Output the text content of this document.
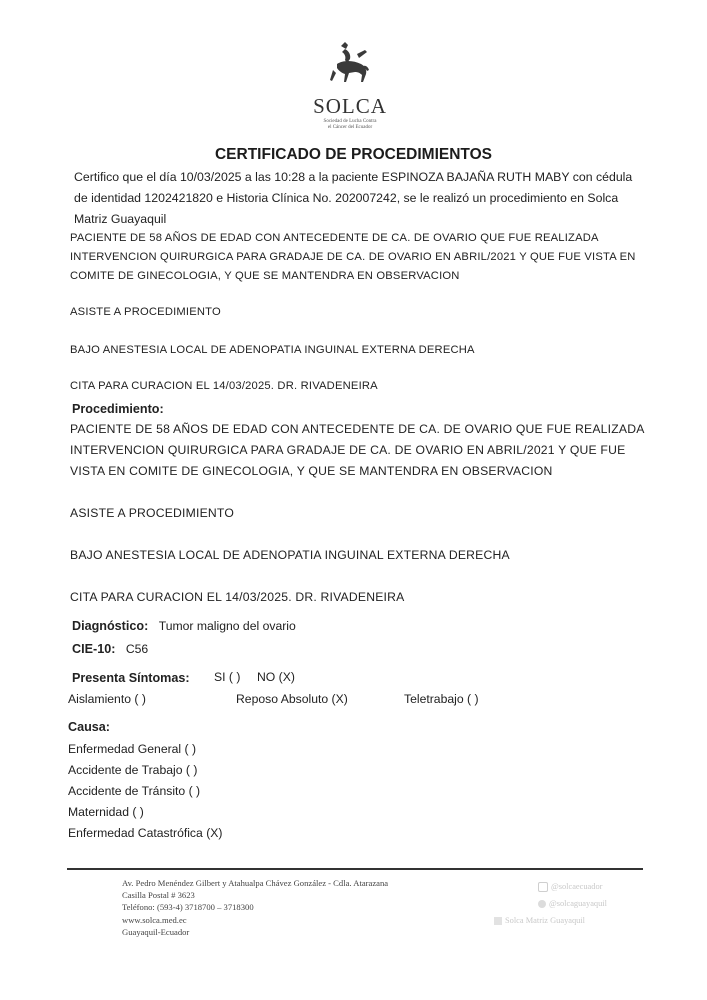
SOLCA
Sociedad de Lucha Contra
el Cáncer del Ecuador
CERTIFICADO DE PROCEDIMIENTOS
Certifico que el día 10/03/2025 a las 10:28 a la paciente ESPINOZA BAJAÑA RUTH MABY con cédula
de identidad 1202421820 e Historia Clínica No. 202007242, se le realizó un procedimiento en Solca
Matriz Guayaquil
PACIENTE DE 58 AÑOS DE EDAD CON ANTECEDENTE DE CA. DE OVARIO QUE FUE REALIZADA
INTERVENCION QUIRURGICA PARA GRADAJE DE CA. DE OVARIO EN ABRIL/2021 Y QUE FUE VISTA EN
COMITE DE GINECOLOGIA, Y QUE SE MANTENDRA EN OBSERVACION
ASISTE A PROCEDIMIENTO
BAJO ANESTESIA LOCAL DE ADENOPATIA INGUINAL EXTERNA DERECHA
CITA PARA CURACION EL 14/03/2025. DR. RIVADENEIRA
Procedimiento:
PACIENTE DE 58 AÑOS DE EDAD CON ANTECEDENTE DE CA. DE OVARIO QUE FUE REALIZADA
INTERVENCION QUIRURGICA PARA GRADAJE DE CA. DE OVARIO EN ABRIL/2021 Y QUE FUE
VISTA EN COMITE DE GINECOLOGIA, Y QUE SE MANTENDRA EN OBSERVACION
ASISTE A PROCEDIMIENTO
BAJO ANESTESIA LOCAL DE ADENOPATIA INGUINAL EXTERNA DERECHA
CITA PARA CURACION EL 14/03/2025. DR. RIVADENEIRA
Diagnóstico: Tumor maligno del ovario
CIE-10: C56
Presenta Síntomas: SI ( ) NO (X)
Aislamiento ( )	Reposo Absoluto (X)	Teletrabajo ( )
Causa:
Enfermedad General ( )
Accidente de Trabajo ( )
Accidente de Tránsito ( )
Maternidad ( )
Enfermedad Catastrófica (X)
Av. Pedro Menéndez Gilbert y Atahualpa Chávez González - Cdla. Atarazana
Casilla Postal # 3623
Teléfono: (593-4) 3718700 – 3718300
www.solca.med.ec
Guayaquil-Ecuador
@solcaecuador
@solcaguayaquil
Solca Matriz Guayaquil
